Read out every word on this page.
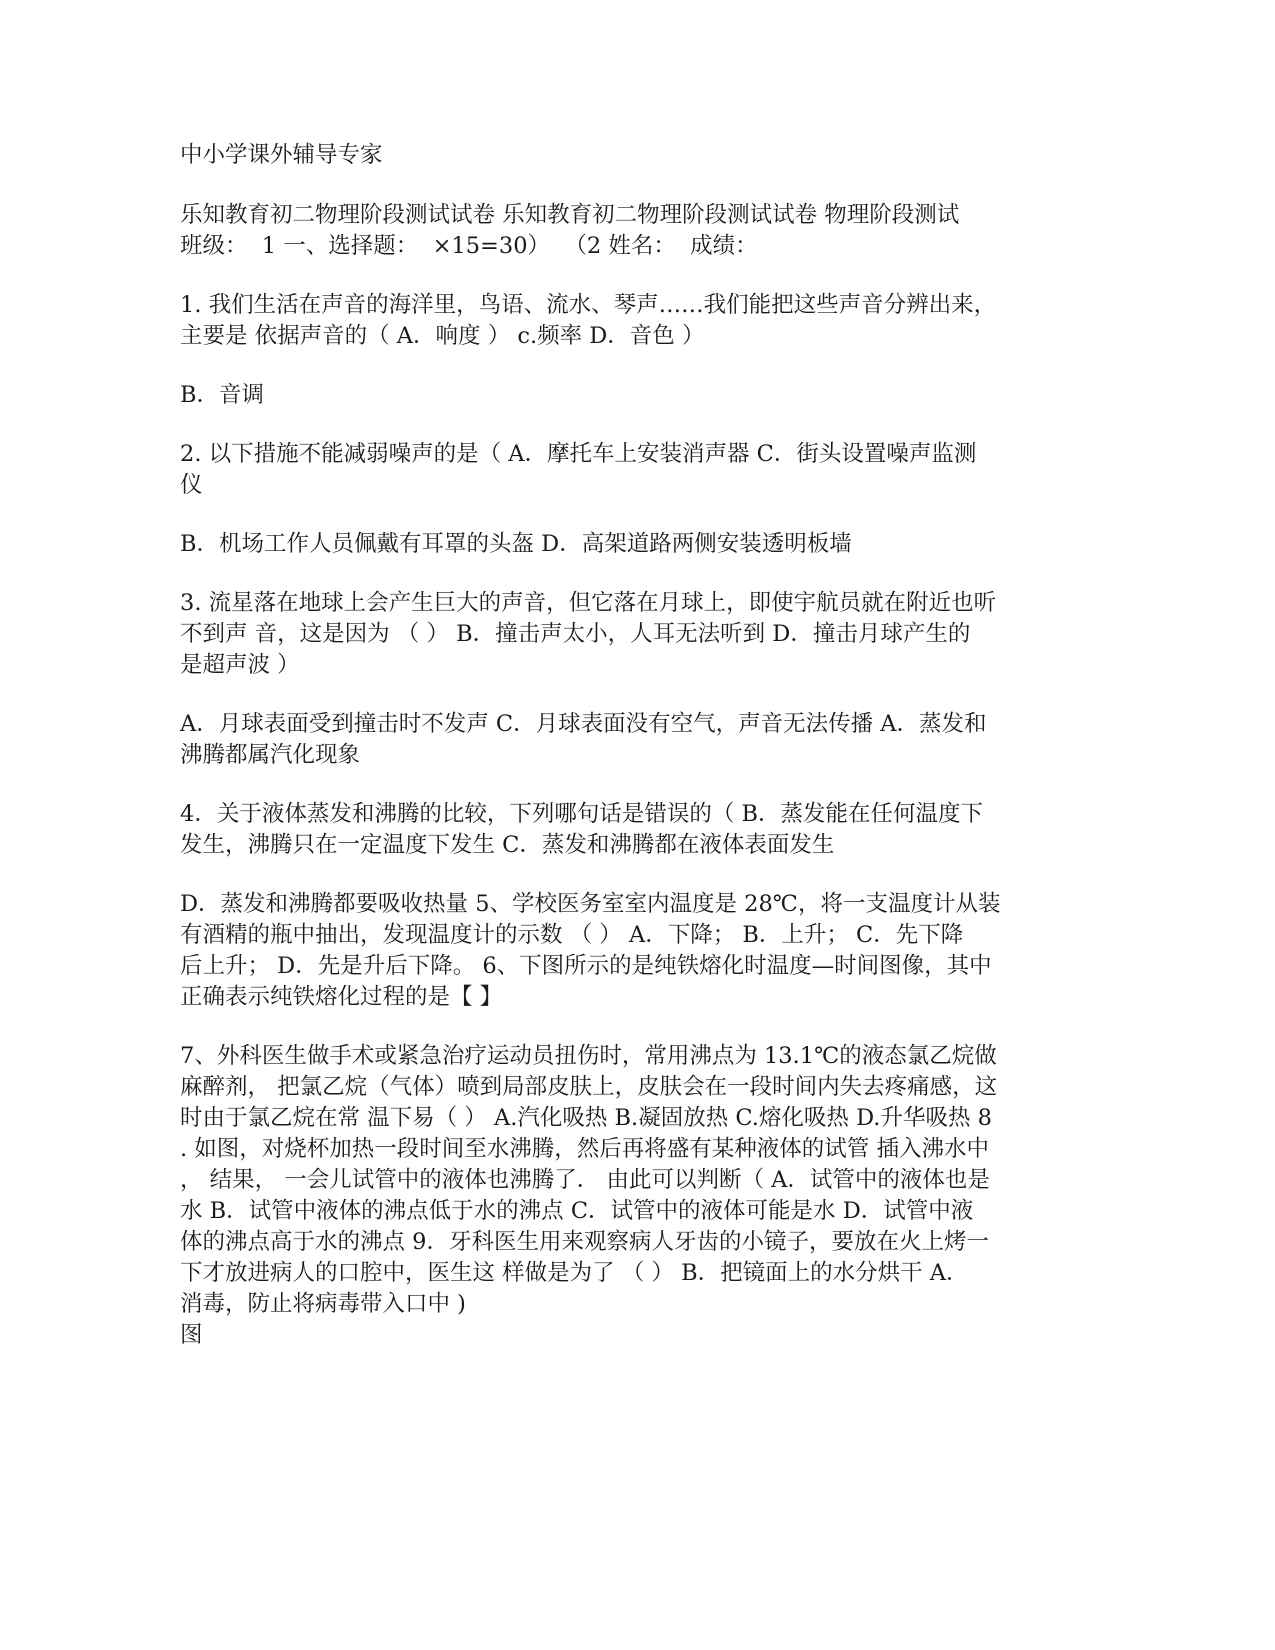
中小学课外辅导专家

乐知教育初二物理阶段测试试卷 乐知教育初二物理阶段测试试卷 物理阶段测试
班级：  1 一、选择题：  ×15=30）  （2 姓名：  成绩：

1. 我们生活在声音的海洋里，鸟语、流水、琴声……我们能把这些声音分辨出来，
主要是 依据声音的（ A．响度 ） c.频率 D．音色 ）

B．音调

2. 以下措施不能减弱噪声的是（ A．摩托车上安装消声器 C．街头设置噪声监测
仪

B．机场工作人员佩戴有耳罩的头盔 D．高架道路两侧安装透明板墙

3. 流星落在地球上会产生巨大的声音，但它落在月球上，即使宇航员就在附近也听
不到声 音，这是因为 （ ） B．撞击声太小，人耳无法听到 D．撞击月球产生的
是超声波 ）

A．月球表面受到撞击时不发声 C．月球表面没有空气，声音无法传播 A．蒸发和
沸腾都属汽化现象

4．关于液体蒸发和沸腾的比较，下列哪句话是错误的（ B．蒸发能在任何温度下
发生，沸腾只在一定温度下发生 C．蒸发和沸腾都在液体表面发生

D．蒸发和沸腾都要吸收热量 5、学校医务室室内温度是 28℃，将一支温度计从装
有酒精的瓶中抽出，发现温度计的示数 （ ） A．下降； B．上升； C．先下降
后上升； D．先是升后下降。 6、下图所示的是纯铁熔化时温度—时间图像，其中
正确表示纯铁熔化过程的是【 】

7、外科医生做手术或紧急治疗运动员扭伤时，常用沸点为 13.1℃的液态氯乙烷做
麻醉剂， 把氯乙烷（气体）喷到局部皮肤上，皮肤会在一段时间内失去疼痛感，这
时由于氯乙烷在常 温下易（ ） A.汽化吸热 B.凝固放热 C.熔化吸热 D.升华吸热 8
. 如图，对烧杯加热一段时间至水沸腾，然后再将盛有某种液体的试管 插入沸水中
， 结果， 一会儿试管中的液体也沸腾了． 由此可以判断（ A．试管中的液体也是
水 B．试管中液体的沸点低于水的沸点 C．试管中的液体可能是水 D．试管中液
体的沸点高于水的沸点 9．牙科医生用来观察病人牙齿的小镜子，要放在火上烤一
下才放进病人的口腔中，医生这 样做是为了 （ ） B．把镜面上的水分烘干 A．
消毒，防止将病毒带入口中 )
图
